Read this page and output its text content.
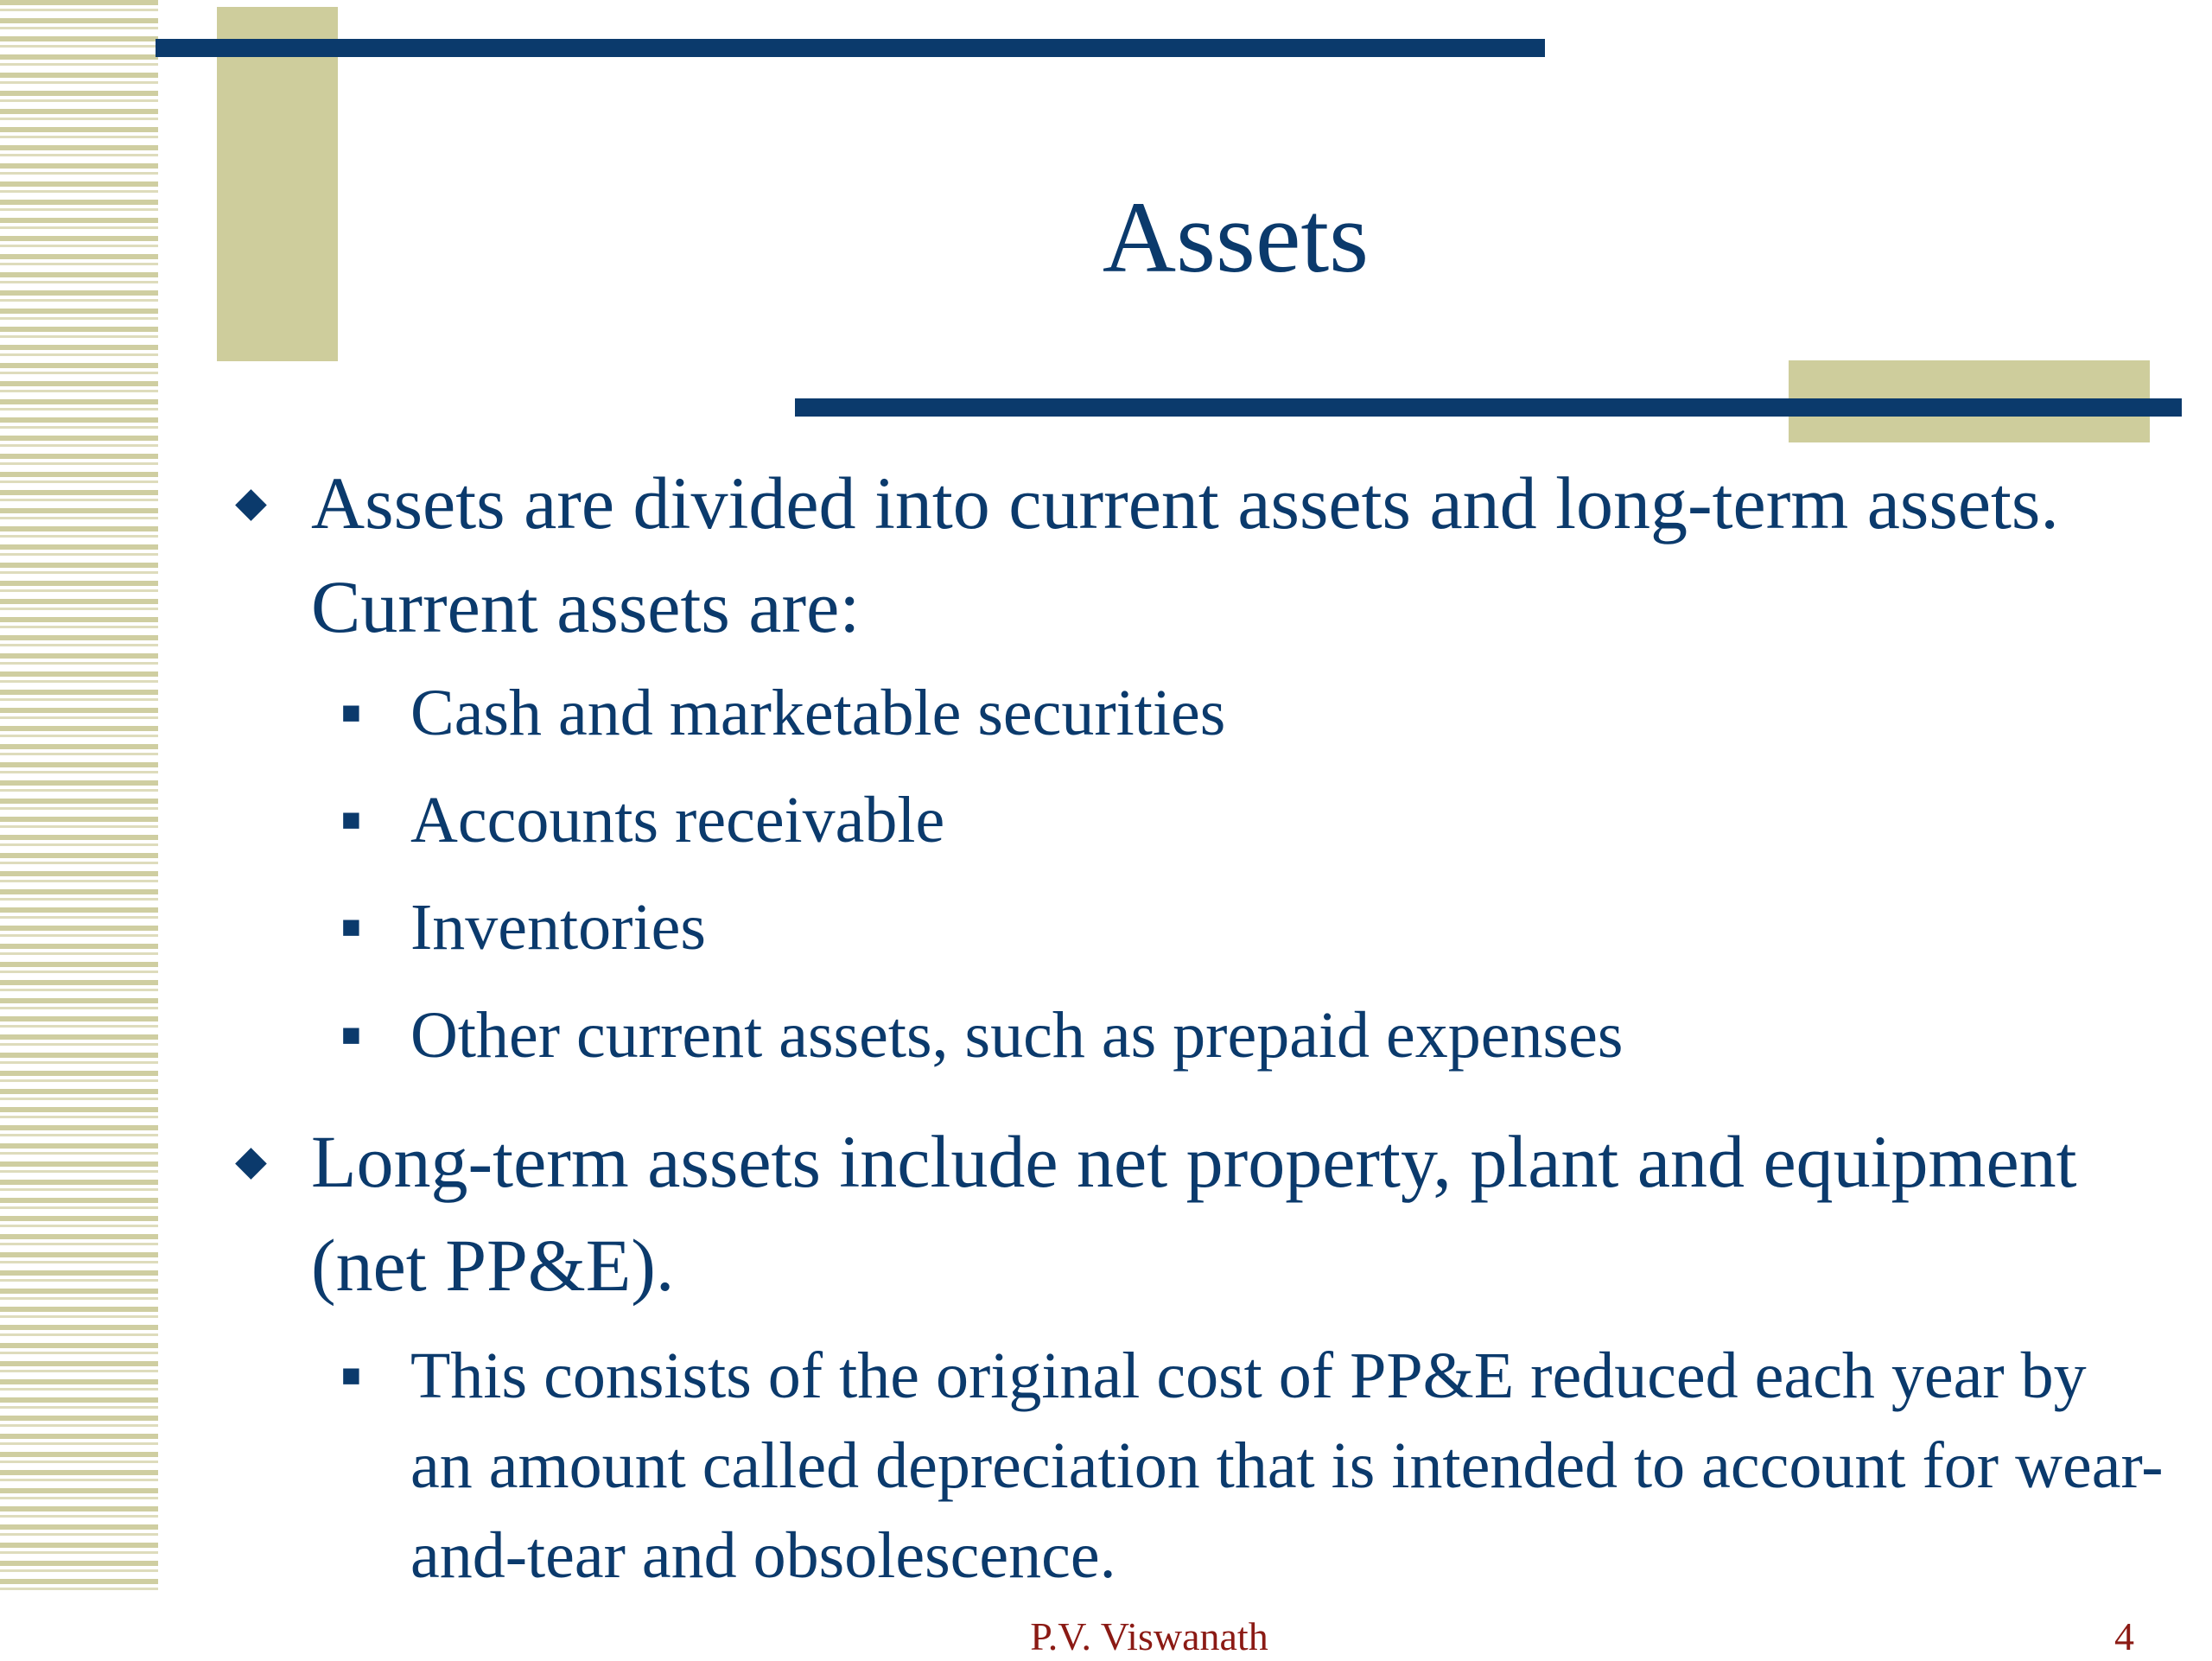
Assets
◆ Assets are divided into current assets and long-term assets. Current assets are:
■ Cash and marketable securities
■ Accounts receivable
■ Inventories
■ Other current assets, such as prepaid expenses
◆ Long-term assets include net property, plant and equipment (net PP&E).
■ This consists of the original cost of PP&E reduced each year by an amount called depreciation that is intended to account for wear-and-tear and obsolescence.
P.V. Viswanath	4
